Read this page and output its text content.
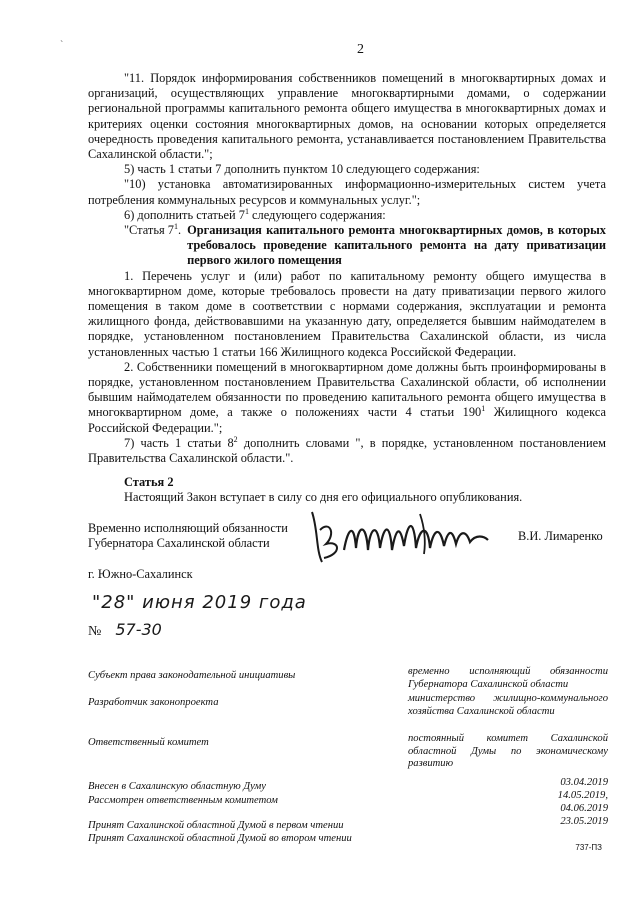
`	2

"11. Порядок информирования собственников помещений в многоквартирных домах и организаций, осуществляющих управление многоквартирными домами, о содержании региональной программы капитального ремонта общего имущества в многоквартирных домах и критериях оценки состояния многоквартирных домов, на основании которых определяется очередность проведения капитального ремонта, устанавливается постановлением Правительства Сахалинской области.";

5) часть 1 статьи 7 дополнить пунктом 10 следующего содержания:

"10) установка автоматизированных информационно-измерительных систем учета потребления коммунальных ресурсов и коммунальных услуг.";

6) дополнить статьей $7^1$ следующего содержания:

"Статья $7^1$. Организация капитального ремонта многоквартирных домов, в которых требовалось проведение капитального ремонта на дату приватизации первого жилого помещения

1. Перечень услуг и (или) работ по капитальному ремонту общего имущества в многоквартирном доме, которые требовалось провести на дату приватизации первого жилого помещения в таком доме в соответствии с нормами содержания, эксплуатации и ремонта жилищного фонда, действовавшими на указанную дату, определяется бывшим наймодателем в порядке, установленном постановлением Правительства Сахалинской области, из числа установленных частью 1 статьи 166 Жилищного кодекса Российской Федерации.

2. Собственники помещений в многоквартирном доме должны быть проинформированы в порядке, установленном постановлением Правительства Сахалинской области, об исполнении бывшим наймодателем обязанности по проведению капитального ремонта общего имущества в многоквартирном доме, а также о положениях части 4 статьи $190^1$ Жилищного кодекса Российской Федерации.";

7) часть 1 статьи $8^2$ дополнить словами ", в порядке, установленном постановлением Правительства Сахалинской области.".

Статья 2

Настоящий Закон вступает в силу со дня его официального опубликования.

Временно исполняющий обязанности
Губернатора Сахалинской области
В.И. Лимаренко
г. Южно-Сахалинск
"28" июня 2019 года
№ 57-30
Субъект права законодательной инициативы	временно исполняющий обязанности Губернатора Сахалинской области
Разработчик законопроекта	министерство жилищно-коммунального хозяйства Сахалинской области
Ответственный комитет	постоянный комитет Сахалинской областной Думы по экономическому развитию
Внесен в Сахалинскую областную Думу	03.04.2019
Рассмотрен ответственным комитетом	14.05.2019,
04.06.2019
Принят Сахалинской областной Думой в первом чтении	23.05.2019
Принят Сахалинской областной Думой во втором чтении
737-ПЗ
